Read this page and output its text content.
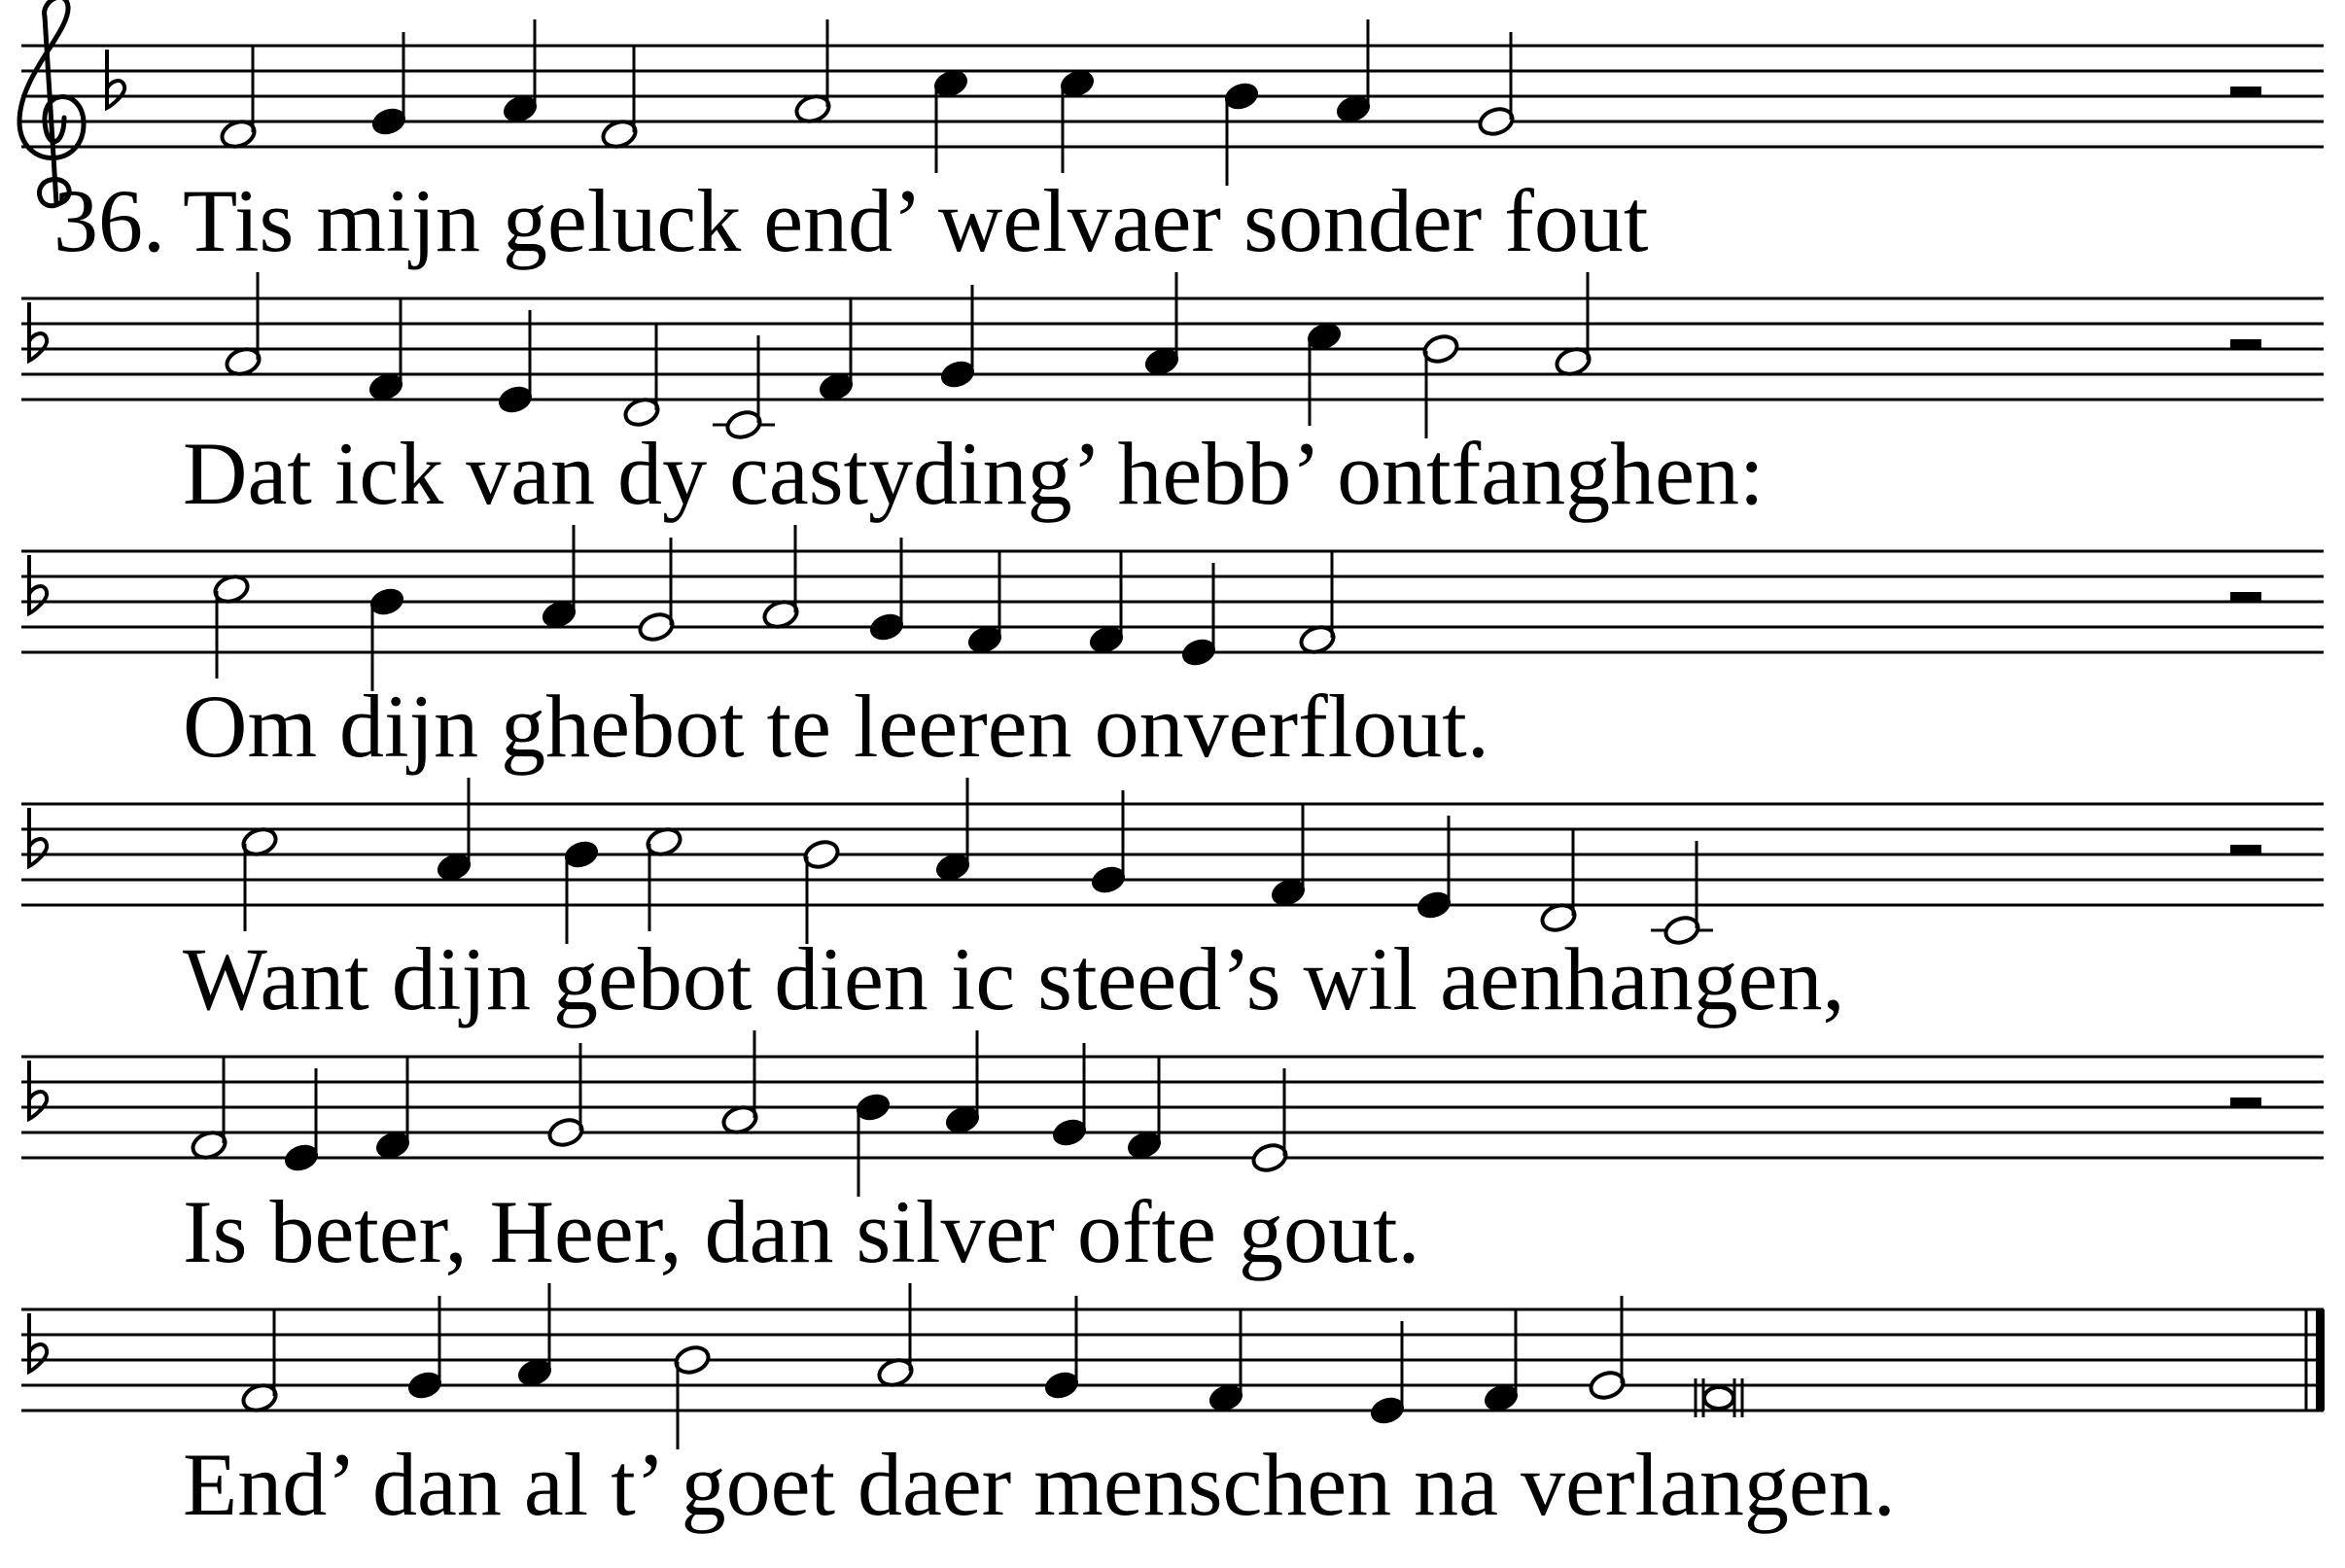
Tis mijn geluck end’ welvaer sonder fout
36.
Dat ick van dy castyding’ hebb’ ontfanghen:
Om dijn ghebot te leeren onverflout.
Want dijn gebot dien ic steed’s wil aenhangen,
Is beter, Heer, dan silver ofte gout.
End’ dan al t’ goet daer menschen na verlangen.
